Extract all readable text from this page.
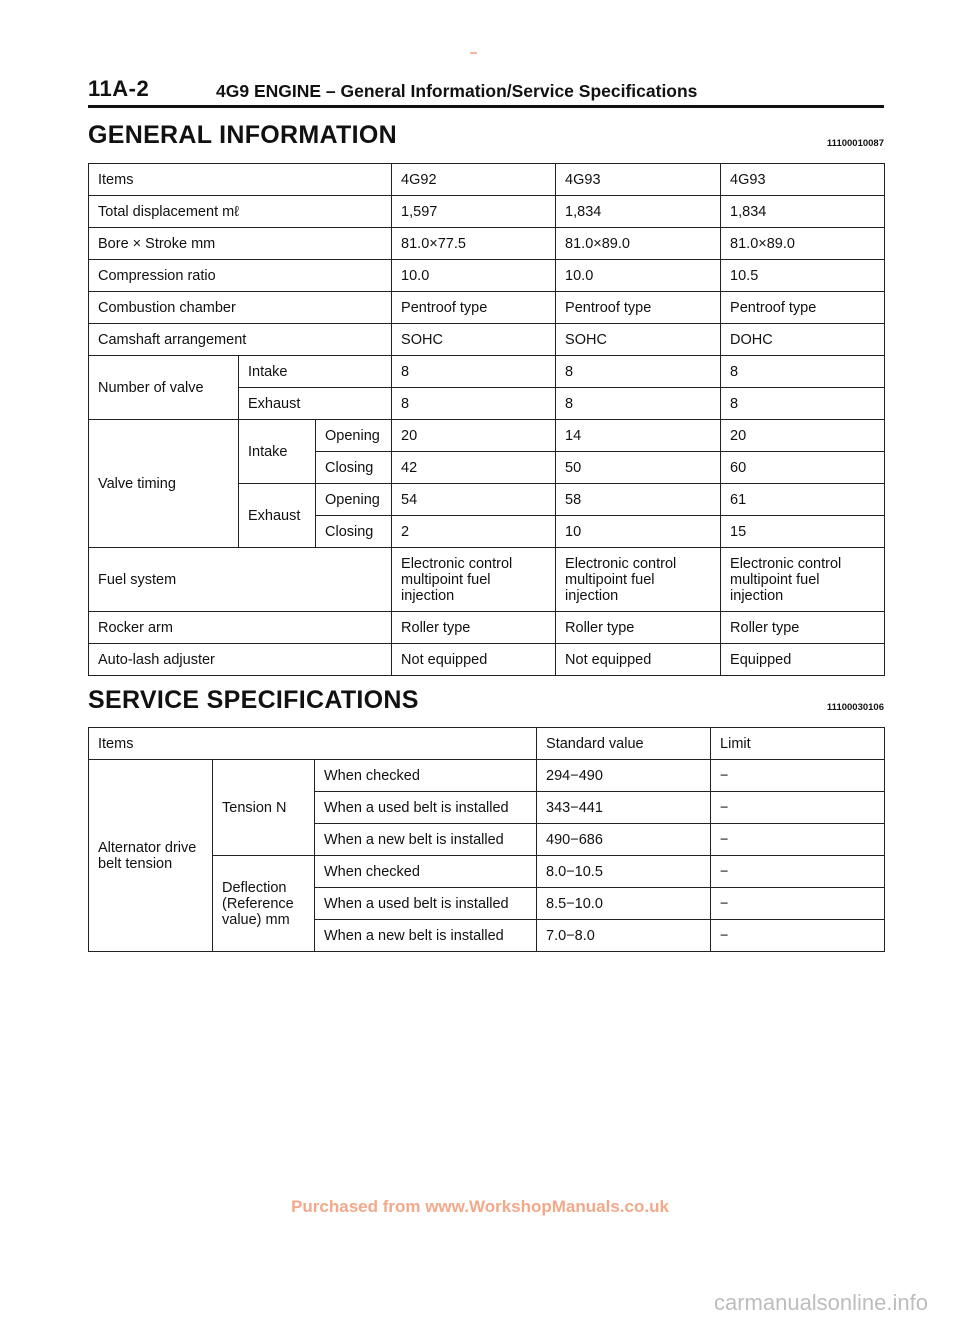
11A-2	4G9 ENGINE – General Information/Service Specifications
GENERAL INFORMATION	11100010087
Items			4G92	4G93	4G93
Total displacement mℓ			1,597	1,834	1,834
Bore × Stroke mm			81.0×77.5	81.0×89.0	81.0×89.0
Compression ratio			10.0	10.0	10.5
Combustion chamber			Pentroof type	Pentroof type	Pentroof type
Camshaft arrangement			SOHC	SOHC	DOHC
Number of valve	Intake		8	8	8
	Exhaust		8	8	8
Valve timing	Intake	Opening	20	14	20
		Closing	42	50	60
	Exhaust	Opening	54	58	61
		Closing	2	10	15
Fuel system			Electronic control multipoint fuel injection	Electronic control multipoint fuel injection	Electronic control multipoint fuel injection
Rocker arm			Roller type	Roller type	Roller type
Auto-lash adjuster			Not equipped	Not equipped	Equipped
SERVICE SPECIFICATIONS	11100030106
Items			Standard value	Limit
Alternator drive belt tension	Tension N	When checked	294−490	−
		When a used belt is installed	343−441	−
		When a new belt is installed	490−686	−
	Deflection (Reference value) mm	When checked	8.0−10.5	−
		When a used belt is installed	8.5−10.0	−
		When a new belt is installed	7.0−8.0	−
Purchased from www.WorkshopManuals.co.uk
carmanualsonline.info
